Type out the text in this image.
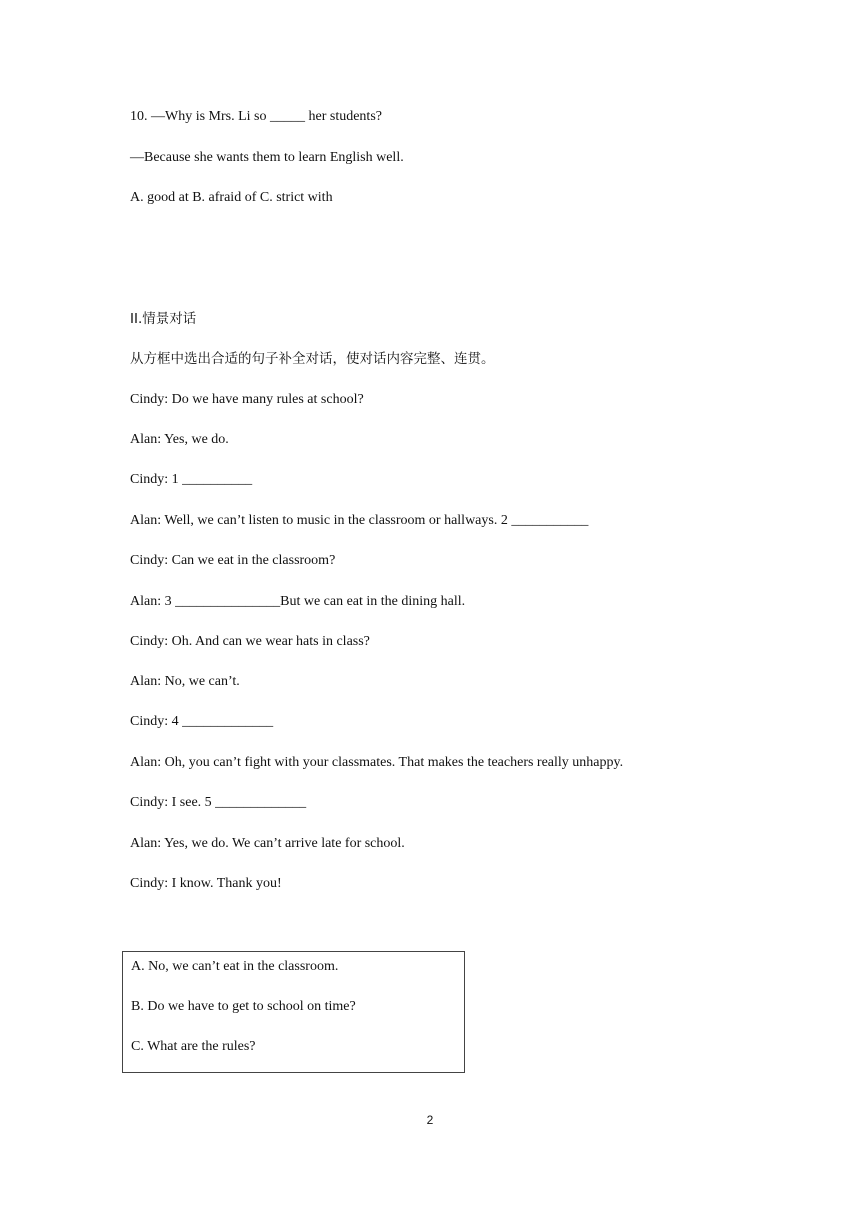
10. —Why is Mrs. Li so _____ her students?
—Because she wants them to learn English well.
A. good at B. afraid of C. strict with
II.情景对话
从方框中选出合适的句子补全对话，使对话内容完整、连贯。
Cindy: Do we have many rules at school?
Alan: Yes, we do.
Cindy: 1 __________
Alan: Well, we can’t listen to music in the classroom or hallways. 2 ___________
Cindy: Can we eat in the classroom?
Alan: 3 _______________But we can eat in the dining hall.
Cindy: Oh. And can we wear hats in class?
Alan: No, we can’t.
Cindy: 4 _____________
Alan: Oh, you can’t fight with your classmates. That makes the teachers really unhappy.
Cindy: I see. 5 _____________
Alan: Yes, we do. We can’t arrive late for school.
Cindy: I know. Thank you!
A. No, we can’t eat in the classroom.
B. Do we have to get to school on time?
C. What are the rules?
2
